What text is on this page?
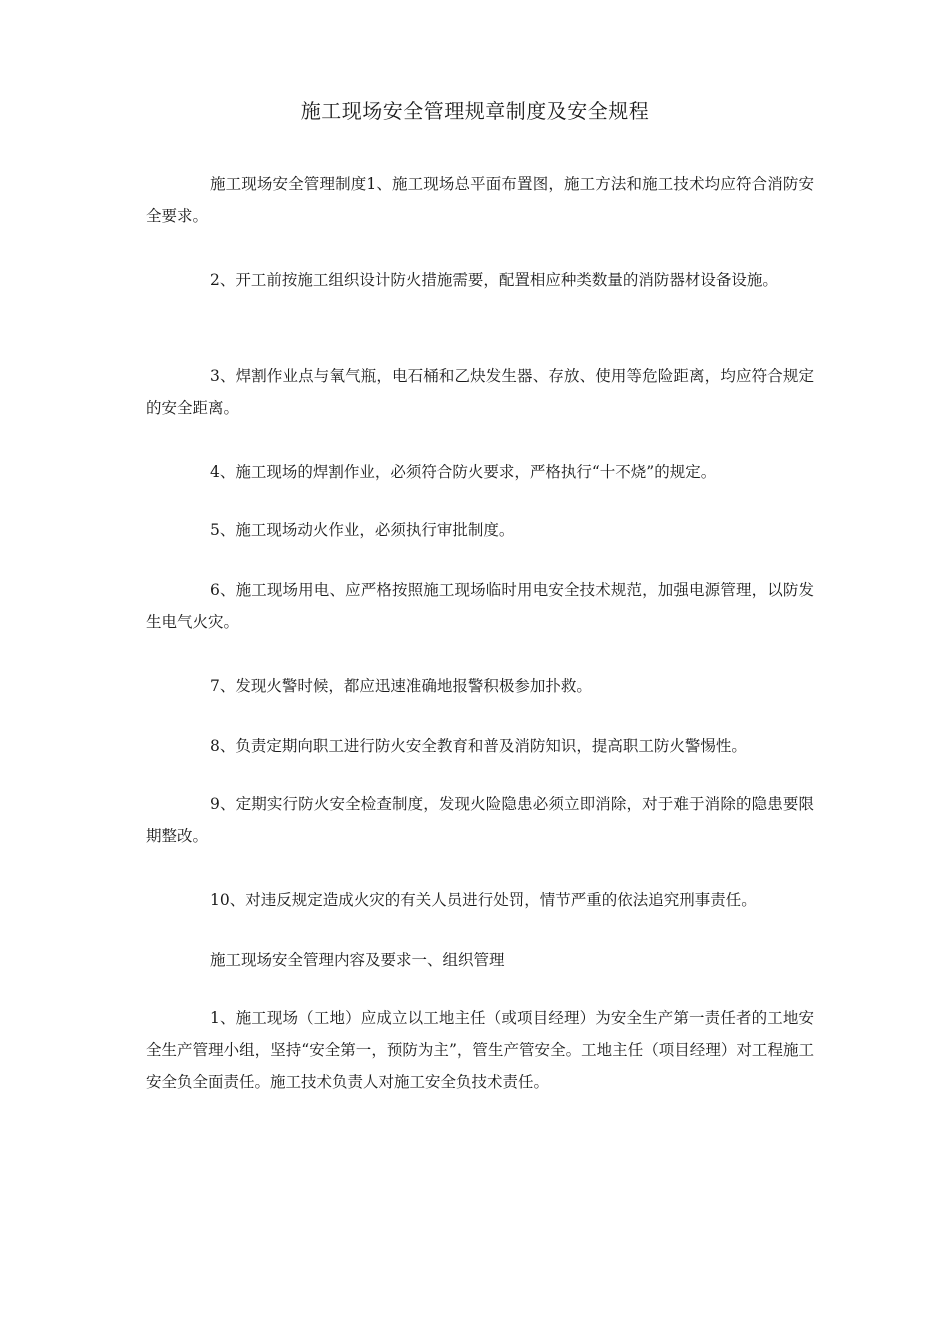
施工现场安全管理规章制度及安全规程

施工现场安全管理制度1、施工现场总平面布置图，施工方法和施工技术均应符合消防安全要求。

2、开工前按施工组织设计防火措施需要，配置相应种类数量的消防器材设备设施。

3、焊割作业点与氧气瓶，电石桶和乙炔发生器、存放、使用等危险距离，均应符合规定的安全距离。

4、施工现场的焊割作业，必须符合防火要求，严格执行“十不烧”的规定。

5、施工现场动火作业，必须执行审批制度。

6、施工现场用电、应严格按照施工现场临时用电安全技术规范，加强电源管理，以防发生电气火灾。

7、发现火警时候，都应迅速准确地报警积极参加扑救。

8、负责定期向职工进行防火安全教育和普及消防知识，提高职工防火警惕性。

9、定期实行防火安全检查制度，发现火险隐患必须立即消除，对于难于消除的隐患要限期整改。

10、对违反规定造成火灾的有关人员进行处罚，情节严重的依法追究刑事责任。

施工现场安全管理内容及要求一、组织管理

1、施工现场（工地）应成立以工地主任（或项目经理）为安全生产第一责任者的工地安全生产管理小组，坚持“安全第一，预防为主”，管生产管安全。工地主任（项目经理）对工程施工安全负全面责任。施工技术负责人对施工安全负技术责任。
